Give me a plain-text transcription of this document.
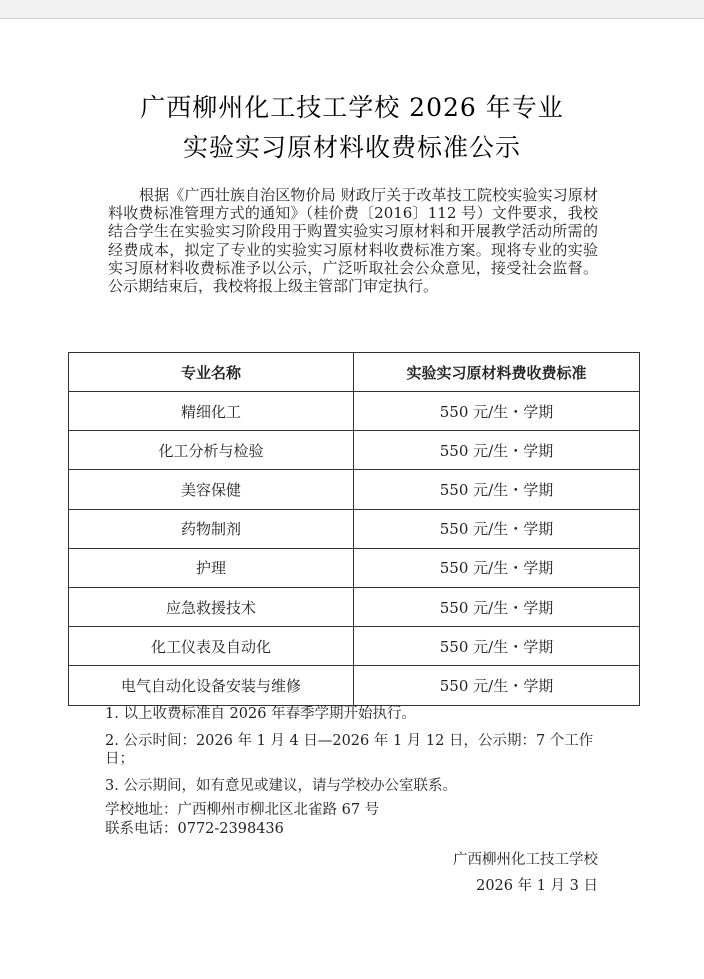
广西柳州化工技工学校 2026 年专业
实验实习原材料收费标准公示
根据《广西壮族自治区物价局 财政厅关于改革技工院校实验实习原材料收费标准管理方式的通知》（桂价费〔2016〕112 号）文件要求，我校结合学生在实验实习阶段用于购置实验实习原材料和开展教学活动所需的经费成本，拟定了专业的实验实习原材料收费标准方案。现将专业的实验实习原材料收费标准予以公示，广泛听取社会公众意见，接受社会监督。公示期结束后，我校将报上级主管部门审定执行。
专业名称	实验实习原材料费收费标准
精细化工	550 元/生・学期
化工分析与检验	550 元/生・学期
美容保健	550 元/生・学期
药物制剂	550 元/生・学期
护理	550 元/生・学期
应急救援技术	550 元/生・学期
化工仪表及自动化	550 元/生・学期
电气自动化设备安装与维修	550 元/生・学期

1. 以上收费标准自 2026 年春季学期开始执行。

2. 公示时间：2026 年 1 月 4 日—2026 年 1 月 12 日，公示期：7 个工作日；

3. 公示期间，如有意见或建议，请与学校办公室联系。

学校地址：广西柳州市柳北区北雀路 67 号

联系电话：0772-2398436

广西柳州化工技工学校
2026 年 1 月 3 日
